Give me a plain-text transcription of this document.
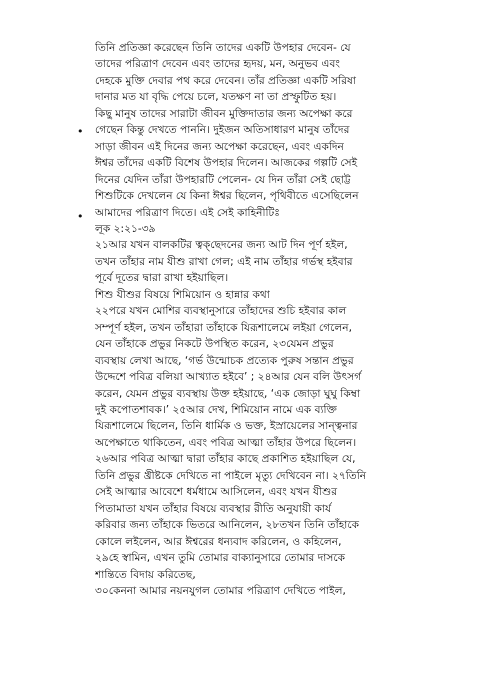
•
•
তিনি প্রতিজ্ঞা করেছেন তিনি তাদের একটি উপহার দেবেন- যে
তাদের পরিত্রাণ দেবেন এবং তাদের হৃদয়, মন, অনুভব এবং
দেহকে মুক্তি দেবার পথ করে দেবেন। তাঁর প্রতিজ্ঞা একটি সরিষা
দানার মত যা বৃদ্ধি পেয়ে চলে, যতক্ষণ না তা প্রস্ফুটিত হয়।
কিছু মানুষ তাদের সারাটা জীবন মুক্তিদাতার জন্য অপেক্ষা করে
গেছেন কিন্তু দেখতে পাননি। দুইজন অতিসাধারণ মানুষ তাঁদের
সাড়া জীবন এই দিনের জন্য অপেক্ষা করেছেন, এবং একদিন
ঈশ্বর তাঁদের একটি বিশেষ উপহার দিলেন। আজকের গল্পটি সেই
দিনের যেদিন তাঁরা উপহারটি পেলেন- যে দিন তাঁরা সেই ছোট্ট
শিশুটিকে দেখলেন যে কিনা ঈশ্বর ছিলেন, পৃথিবীতে এসেছিলেন
আমাদের পরিত্রাণ দিতে। এই সেই কাহিনীটিঃ
লূক ২:২১-৩৯
২১আর যখন বালকটির ত্বক্‌ছেদনের জন্য আট দিন পূর্ণ হইল,
তখন তাঁহার নাম যীশু রাখা গেল; এই নাম তাঁহার গর্ভস্থ হইবার
পূর্বে দূতের দ্বারা রাখা হইয়াছিল।
শিশু যীশুর বিষয়ে শিমিয়োন ও হান্নার কথা
২২পরে যখন মোশির ব্যবস্থানুসারে তাঁহাদের শুচি হইবার কাল
সম্পূর্ণ হইল, তখন তাঁহারা তাঁহাকে যিরূশালেমে লইয়া গেলেন,
যেন তাঁহাকে প্রভুর নিকটে উপস্থিত করেন, ২৩যেমন প্রভুর
ব্যবস্থায় লেখা আছে, ‘গর্ভ উন্মোচক প্রত্যেক পুরুষ সন্তান প্রভুর
উদ্দেশে পবিত্র বলিয়া আখ্যাত হইবে’ ; ২৪আর যেন বলি উৎসর্গ
করেন, যেমন প্রভুর ব্যবস্থায় উক্ত হইয়াছে, ‘এক জোড়া ঘুঘু কিম্বা
দুই কপোতশাবক।’ ২৫আর দেখ, শিমিয়োন নামে এক ব্যক্তি
যিরূশালেমে ছিলেন, তিনি ধার্মিক ও ভক্ত, ইস্রায়েলের সান্ত্বনার
অপেক্ষাতে থাকিতেন, এবং পবিত্র আত্মা তাঁহার উপরে ছিলেন।
২৬আর পবিত্র আত্মা দ্বারা তাঁহার কাছে প্রকাশিত হইয়াছিল যে,
তিনি প্রভুর খ্রীষ্টকে দেখিতে না পাইলে মৃত্যু দেখিবেন না। ২৭তিনি
সেই আত্মার আবেশে ধর্মধামে আসিলেন, এবং যখন যীশুর
পিতামাতা যখন তাঁহার বিষয়ে ব্যবস্থার রীতি অনুযায়ী কার্য
করিবার জন্য তাঁহাকে ভিতরে আনিলেন, ২৮তখন তিনি তাঁহাকে
কোলে লইলেন, আর ঈশ্বরের ধন্যবাদ করিলেন, ও কহিলেন,
২৯হে স্বামিন, এখন তুমি তোমার বাক্যানুসারে তোমার দাসকে
শান্তিতে বিদায় করিতেছ,
৩০কেননা আমার নয়নযুগল তোমার পরিত্রাণ দেখিতে পাইল,
